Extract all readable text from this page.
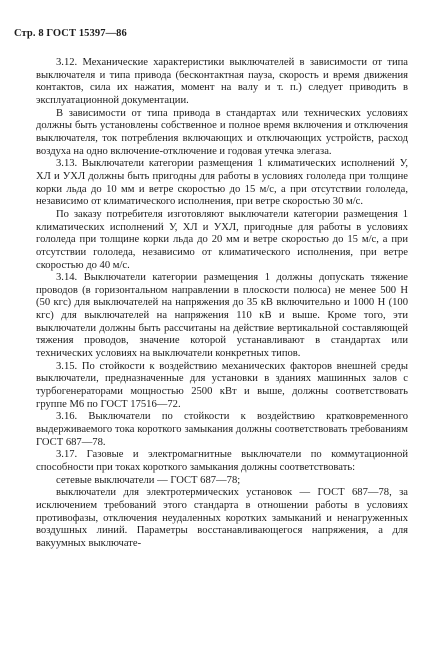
Стр. 8 ГОСТ 15397—86

3.12. Механические характеристики выключателей в зависимости от типа выключателя и типа привода (бесконтактная пауза, скорость и время движения контактов, сила их нажатия, момент на валу и т. п.) следует приводить в эксплуатационной документации.

В зависимости от типа привода в стандартах или технических условиях должны быть установлены собственное и полное время включения и отключения выключателя, ток потребления включающих и отключающих устройств, расход воздуха на одно включение-отключение и годовая утечка элегаза.

3.13. Выключатели категории размещения 1 климатических исполнений У, ХЛ и УХЛ должны быть пригодны для работы в условиях гололеда при толщине корки льда до 10 мм и ветре скоростью до 15 м/с, а при отсутствии гололеда, независимо от климатического исполнения, при ветре скоростью 30 м/с.

По заказу потребителя изготовляют выключатели категории размещения 1 климатических исполнений У, ХЛ и УХЛ, пригодные для работы в условиях гололеда при толщине корки льда до 20 мм и ветре скоростью до 15 м/с, а при отсутствии гололеда, независимо от климатического исполнения, при ветре скоростью до 40 м/с.

3.14. Выключатели категории размещения 1 должны допускать тяжение проводов (в горизонтальном направлении в плоскости полюса) не менее 500 Н (50 кгс) для выключателей на напряжения до 35 кВ включительно и 1000 Н (100 кгс) для выключателей на напряжения 110 кВ и выше. Кроме того, эти выключатели должны быть рассчитаны на действие вертикальной составляющей тяжения проводов, значение которой устанавливают в стандартах или технических условиях на выключатели конкретных типов.

3.15. По стойкости к воздействию механических факторов внешней среды выключатели, предназначенные для установки в зданиях машинных залов с турбогенераторами мощностью 2500 кВт и выше, должны соответствовать группе М6 по ГОСТ 17516—72.

3.16. Выключатели по стойкости к воздействию кратковременного выдерживаемого тока короткого замыкания должны соответствовать требованиям ГОСТ 687—78.

3.17. Газовые и электромагнитные выключатели по коммутационной способности при токах короткого замыкания должны соответствовать:

сетевые выключатели — ГОСТ 687—78;

выключатели для электротермических установок — ГОСТ 687—78, за исключением требований этого стандарта в отношении работы в условиях противофазы, отключения неудаленных коротких замыканий и ненагруженных воздушных линий. Параметры восстанавливающегося напряжения, а для вакуумных выключате-
